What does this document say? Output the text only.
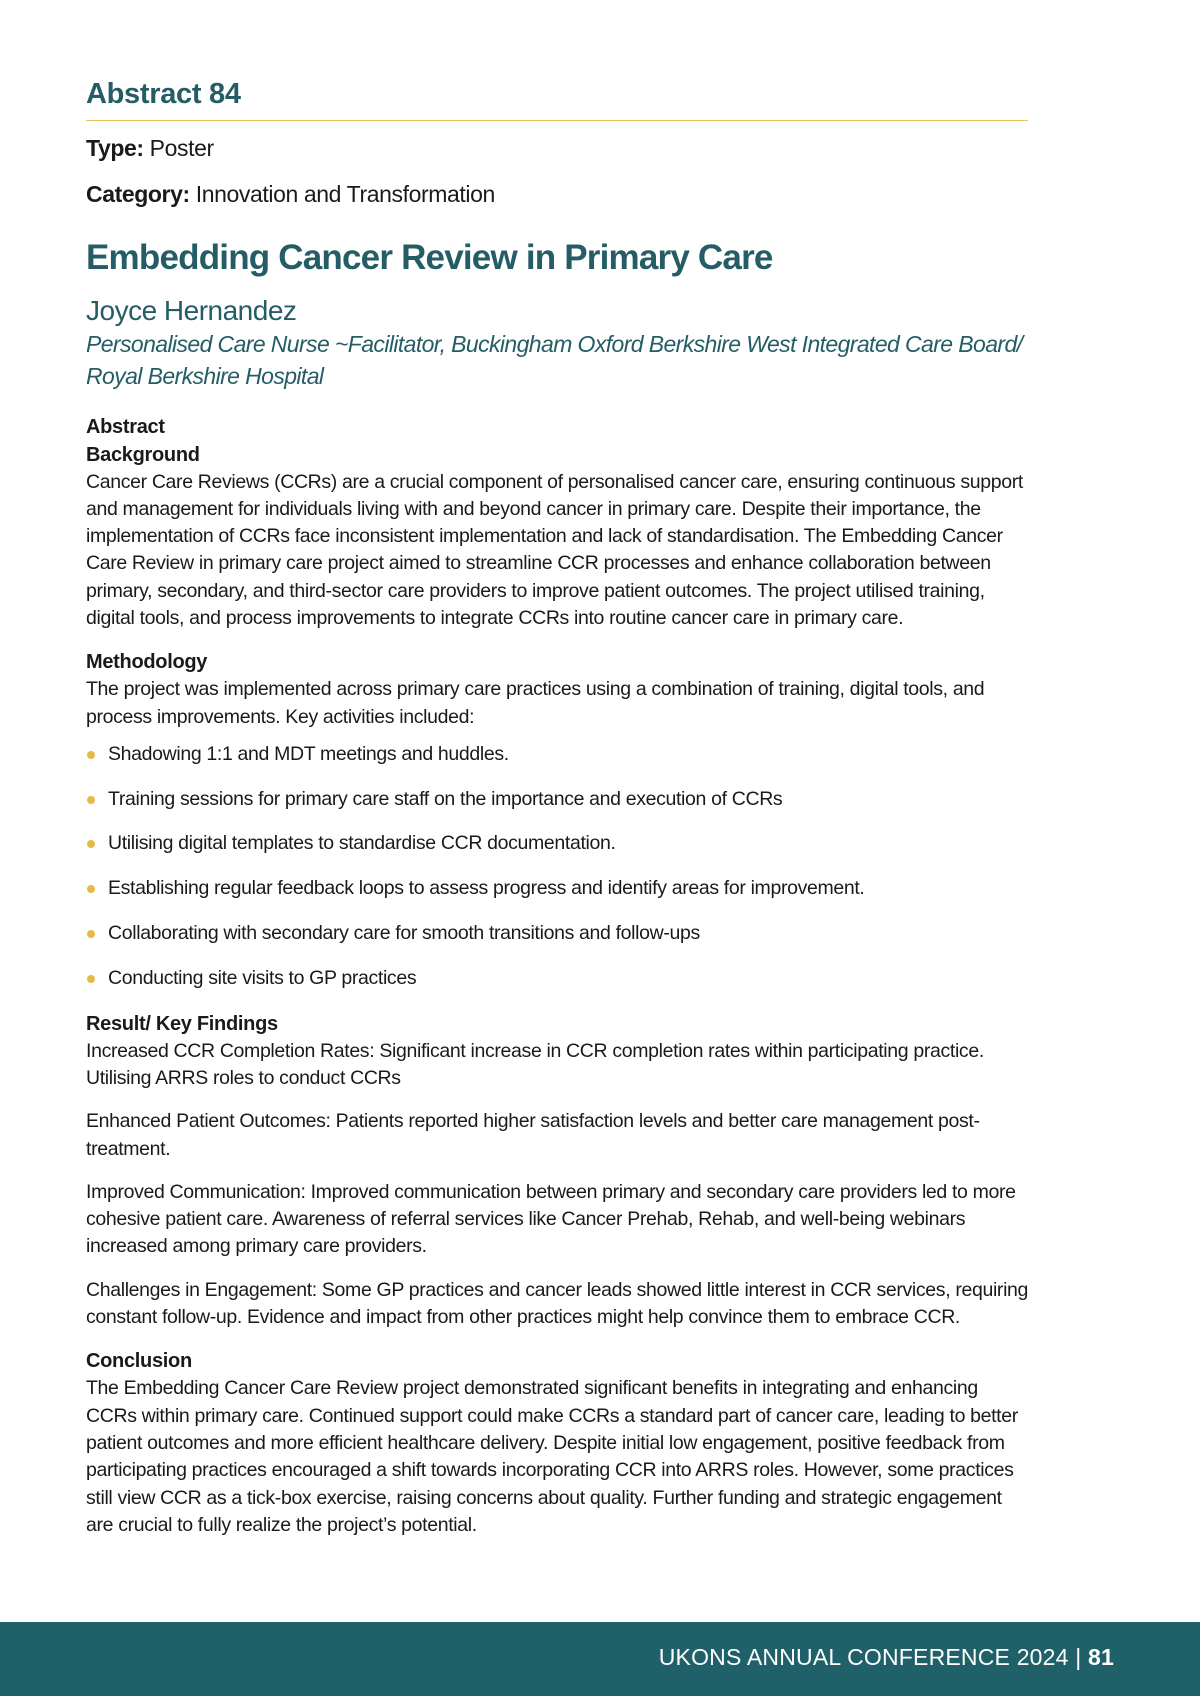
Abstract 84

Type: Poster

Category: Innovation and Transformation

Embedding Cancer Review in Primary Care

Joyce Hernandez

Personalised Care Nurse ~Facilitator, Buckingham Oxford Berkshire West Integrated Care Board/ Royal Berkshire Hospital

Abstract

Background

Cancer Care Reviews (CCRs) are a crucial component of personalised cancer care, ensuring continuous support and management for individuals living with and beyond cancer in primary care. Despite their importance, the implementation of CCRs face inconsistent implementation and lack of standardisation. The Embedding Cancer Care Review in primary care project aimed to streamline CCR processes and enhance collaboration between primary, secondary, and third-sector care providers to improve patient outcomes. The project utilised training, digital tools, and process improvements to integrate CCRs into routine cancer care in primary care.

Methodology

The project was implemented across primary care practices using a combination of training, digital tools, and process improvements. Key activities included:

Shadowing 1:1 and MDT meetings and huddles.
Training sessions for primary care staff on the importance and execution of CCRs
Utilising digital templates to standardise CCR documentation.
Establishing regular feedback loops to assess progress and identify areas for improvement.
Collaborating with secondary care for smooth transitions and follow-ups
Conducting site visits to GP practices

Result/ Key Findings

Increased CCR Completion Rates: Significant increase in CCR completion rates within participating practice. Utilising ARRS roles to conduct CCRs

Enhanced Patient Outcomes: Patients reported higher satisfaction levels and better care management post-treatment.

Improved Communication: Improved communication between primary and secondary care providers led to more cohesive patient care. Awareness of referral services like Cancer Prehab, Rehab, and well-being webinars increased among primary care providers.

Challenges in Engagement: Some GP practices and cancer leads showed little interest in CCR services, requiring constant follow-up. Evidence and impact from other practices might help convince them to embrace CCR.

Conclusion

The Embedding Cancer Care Review project demonstrated significant benefits in integrating and enhancing CCRs within primary care. Continued support could make CCRs a standard part of cancer care, leading to better patient outcomes and more efficient healthcare delivery. Despite initial low engagement, positive feedback from participating practices encouraged a shift towards incorporating CCR into ARRS roles. However, some practices still view CCR as a tick-box exercise, raising concerns about quality. Further funding and strategic engagement are crucial to fully realize the project’s potential.

UKONS ANNUAL CONFERENCE 2024 | 81
